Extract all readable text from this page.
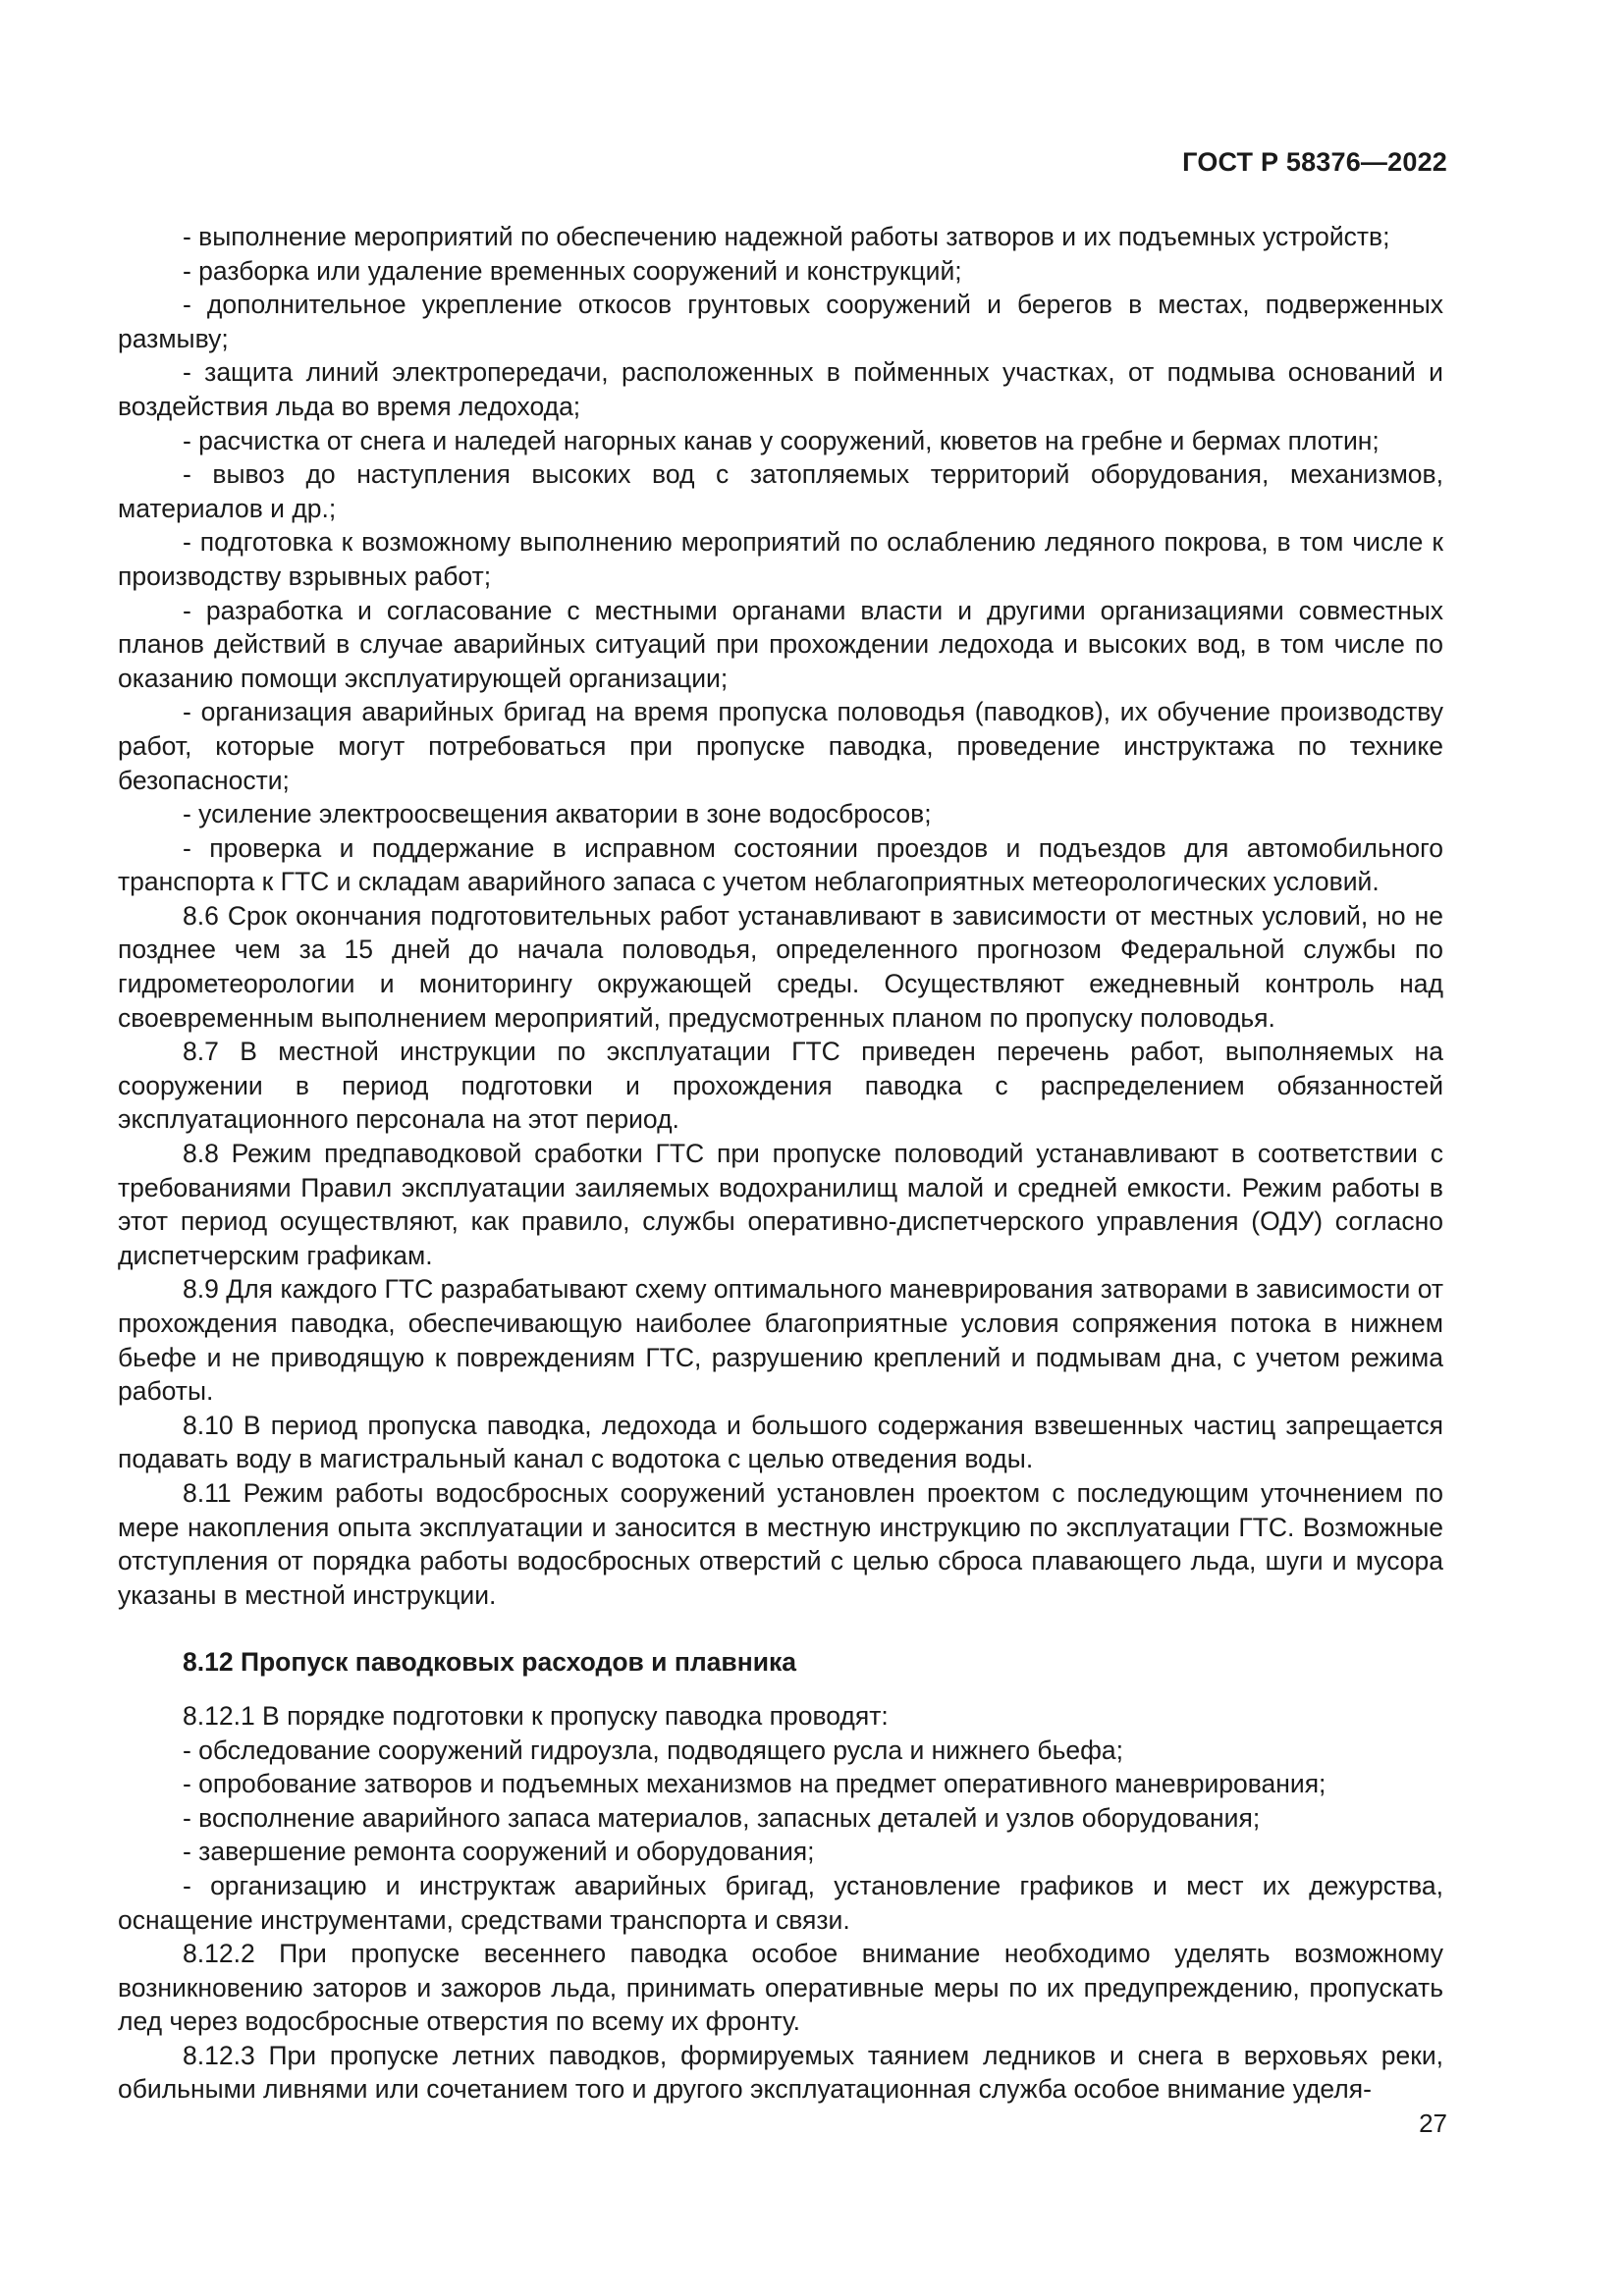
ГОСТ Р 58376—2022

- выполнение мероприятий по обеспечению надежной работы затворов и их подъемных устройств;

- разборка или удаление временных сооружений и конструкций;

- дополнительное укрепление откосов грунтовых сооружений и берегов в местах, подверженных размыву;

- защита линий электропередачи, расположенных в пойменных участках, от подмыва оснований и воздействия льда во время ледохода;

- расчистка от снега и наледей нагорных канав у сооружений, кюветов на гребне и бермах плотин;

- вывоз до наступления высоких вод с затопляемых территорий оборудования, механизмов, материалов и др.;

- подготовка к возможному выполнению мероприятий по ослаблению ледяного покрова, в том числе к производству взрывных работ;

- разработка и согласование с местными органами власти и другими организациями совместных планов действий в случае аварийных ситуаций при прохождении ледохода и высоких вод, в том числе по оказанию помощи эксплуатирующей организации;

- организация аварийных бригад на время пропуска половодья (паводков), их обучение производству работ, которые могут потребоваться при пропуске паводка, проведение инструктажа по технике безопасности;

- усиление электроосвещения акватории в зоне водосбросов;

- проверка и поддержание в исправном состоянии проездов и подъездов для автомобильного транспорта к ГТС и складам аварийного запаса с учетом неблагоприятных метеорологических условий.

8.6 Срок окончания подготовительных работ устанавливают в зависимости от местных условий, но не позднее чем за 15 дней до начала половодья, определенного прогнозом Федеральной службы по гидрометеорологии и мониторингу окружающей среды. Осуществляют ежедневный контроль над своевременным выполнением мероприятий, предусмотренных планом по пропуску половодья.

8.7 В местной инструкции по эксплуатации ГТС приведен перечень работ, выполняемых на сооружении в период подготовки и прохождения паводка с распределением обязанностей эксплуатационного персонала на этот период.

8.8 Режим предпаводковой сработки ГТС при пропуске половодий устанавливают в соответствии с требованиями Правил эксплуатации заиляемых водохранилищ малой и средней емкости. Режим работы в этот период осуществляют, как правило, службы оперативно-диспетчерского управления (ОДУ) согласно диспетчерским графикам.

8.9 Для каждого ГТС разрабатывают схему оптимального маневрирования затворами в зависимости от прохождения паводка, обеспечивающую наиболее благоприятные условия сопряжения потока в нижнем бьефе и не приводящую к повреждениям ГТС, разрушению креплений и подмывам дна, с учетом режима работы.

8.10 В период пропуска паводка, ледохода и большого содержания взвешенных частиц запрещается подавать воду в магистральный канал с водотока с целью отведения воды.

8.11 Режим работы водосбросных сооружений установлен проектом с последующим уточнением по мере накопления опыта эксплуатации и заносится в местную инструкцию по эксплуатации ГТС. Возможные отступления от порядка работы водосбросных отверстий с целью сброса плавающего льда, шуги и мусора указаны в местной инструкции.

8.12 Пропуск паводковых расходов и плавника

8.12.1 В порядке подготовки к пропуску паводка проводят:

- обследование сооружений гидроузла, подводящего русла и нижнего бьефа;

- опробование затворов и подъемных механизмов на предмет оперативного маневрирования;

- восполнение аварийного запаса материалов, запасных деталей и узлов оборудования;

- завершение ремонта сооружений и оборудования;

- организацию и инструктаж аварийных бригад, установление графиков и мест их дежурства, оснащение инструментами, средствами транспорта и связи.

8.12.2 При пропуске весеннего паводка особое внимание необходимо уделять возможному возникновению заторов и зажоров льда, принимать оперативные меры по их предупреждению, пропускать лед через водосбросные отверстия по всему их фронту.

8.12.3 При пропуске летних паводков, формируемых таянием ледников и снега в верховьях реки, обильными ливнями или сочетанием того и другого эксплуатационная служба особое внимание уделя-

27
